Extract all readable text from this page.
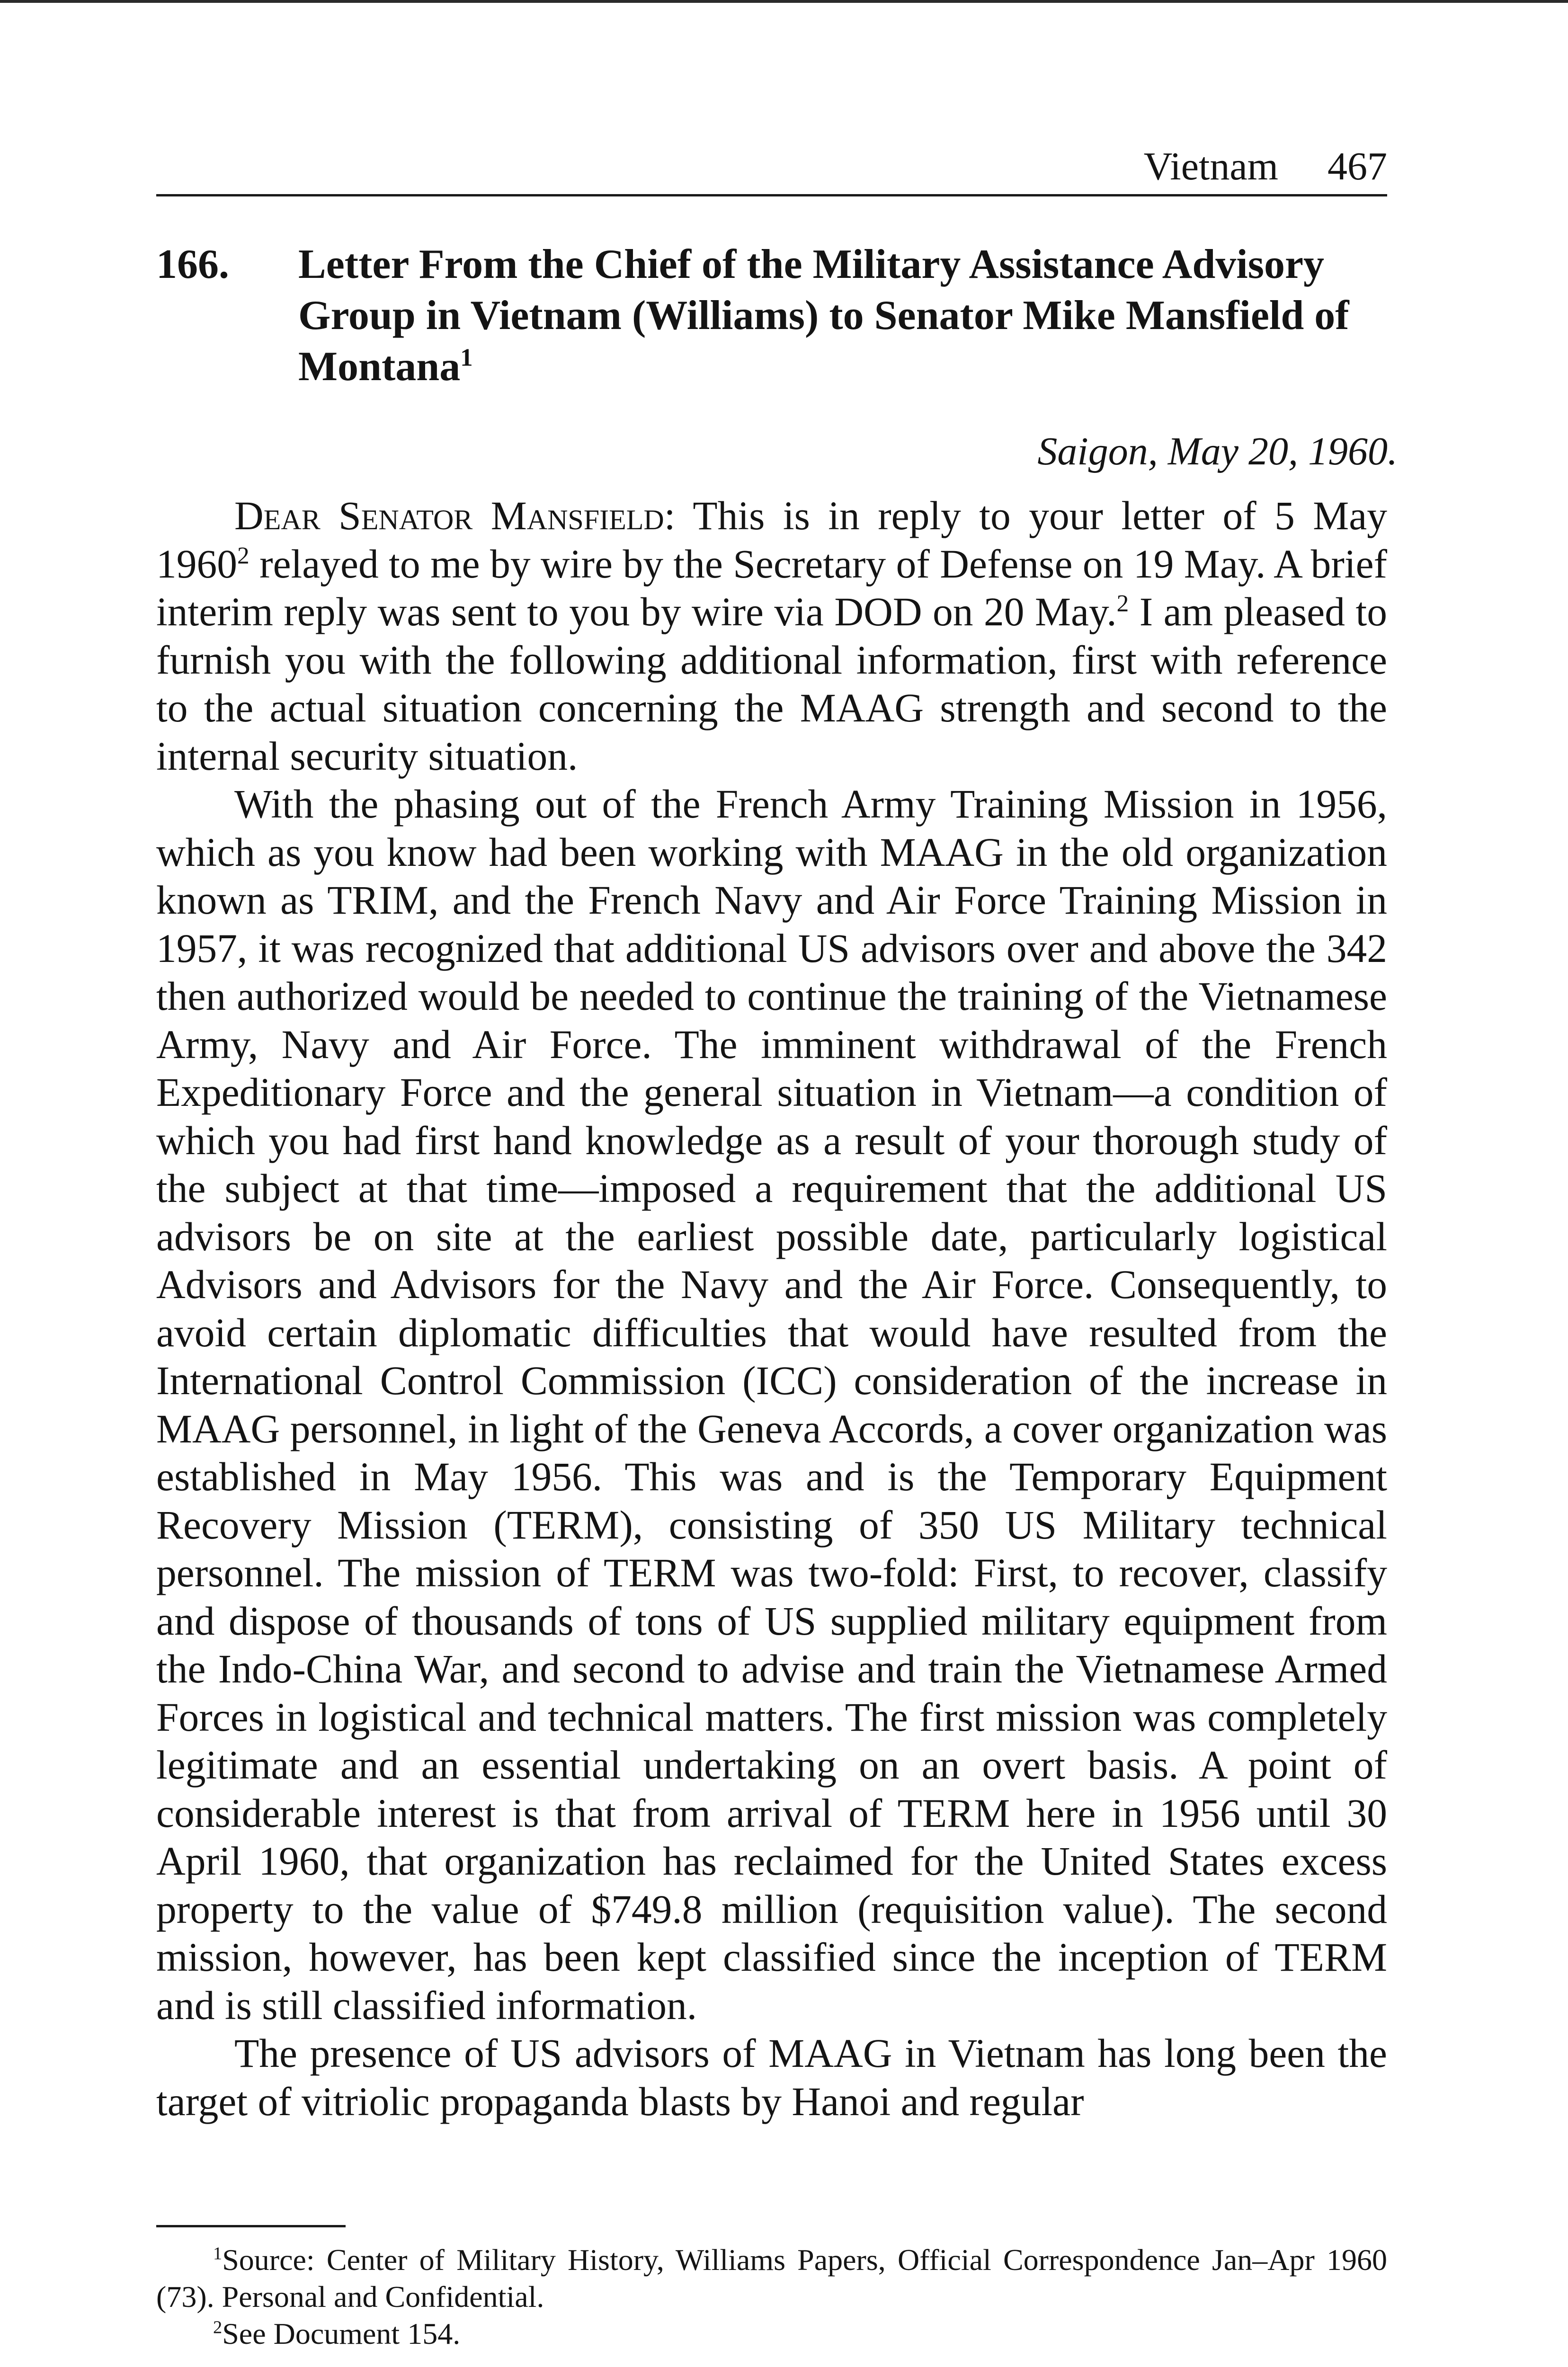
Vietnam 467
166. Letter From the Chief of the Military Assistance Advisory Group in Vietnam (Williams) to Senator Mike Mansfield of Montana$^1$
Saigon, May 20, 1960.

Dear Senator Mansfield: This is in reply to your letter of 5 May 1960$^2$ relayed to me by wire by the Secretary of Defense on 19 May. A brief interim reply was sent to you by wire via DOD on 20 May.$^2$ I am pleased to furnish you with the following additional information, first with reference to the actual situation concerning the MAAG strength and second to the internal security situation.

With the phasing out of the French Army Training Mission in 1956, which as you know had been working with MAAG in the old organization known as TRIM, and the French Navy and Air Force Training Mission in 1957, it was recognized that additional US advisors over and above the 342 then authorized would be needed to continue the training of the Vietnamese Army, Navy and Air Force. The imminent withdrawal of the French Expeditionary Force and the general situation in Vietnam—a condition of which you had first hand knowledge as a result of your thorough study of the subject at that time—imposed a requirement that the additional US advisors be on site at the earliest possible date, particularly logistical Advisors and Advisors for the Navy and the Air Force. Consequently, to avoid certain diplomatic difficulties that would have resulted from the International Control Commission (ICC) consideration of the increase in MAAG personnel, in light of the Geneva Accords, a cover organization was established in May 1956. This was and is the Temporary Equipment Recovery Mission (TERM), consisting of 350 US Military technical personnel. The mission of TERM was two-fold: First, to recover, classify and dispose of thousands of tons of US supplied military equipment from the Indo-China War, and second to advise and train the Vietnamese Armed Forces in logistical and technical matters. The first mission was completely legitimate and an essential undertaking on an overt basis. A point of considerable interest is that from arrival of TERM here in 1956 until 30 April 1960, that organization has reclaimed for the United States excess property to the value of $749.8 million (requisition value). The second mission, however, has been kept classified since the inception of TERM and is still classified information.

The presence of US advisors of MAAG in Vietnam has long been the target of vitriolic propaganda blasts by Hanoi and regular

$^1$Source: Center of Military History, Williams Papers, Official Correspondence Jan–Apr 1960 (73). Personal and Confidential.

$^2$See Document 154.
